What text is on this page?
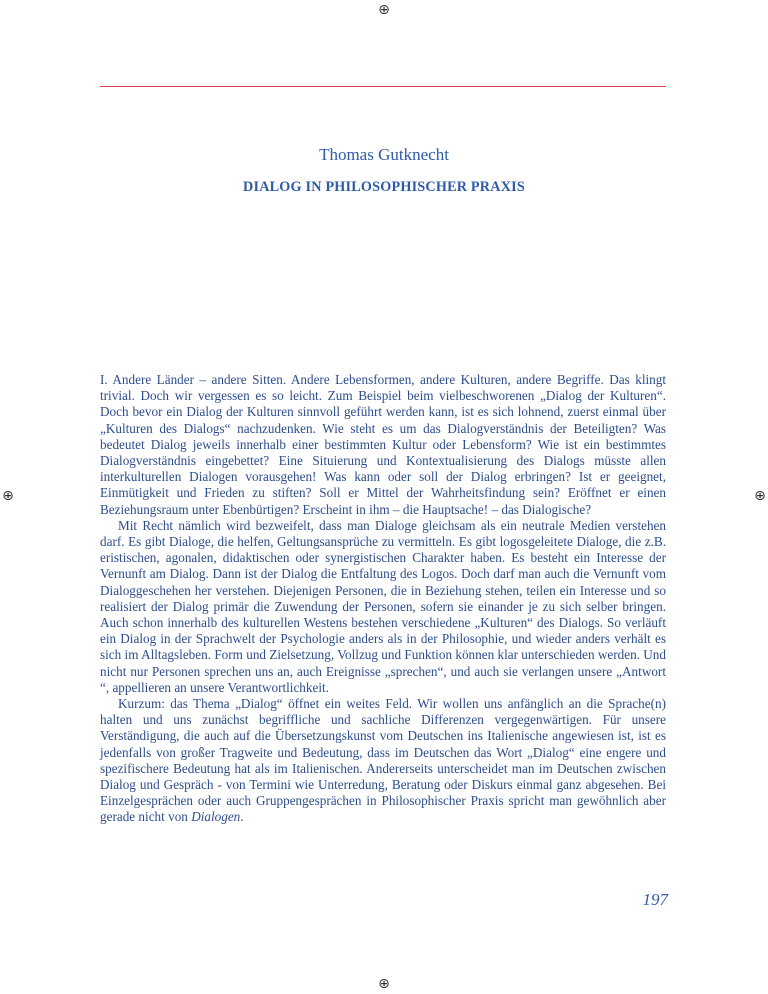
⊕
⊕	⊕
⊕
Thomas Gutknecht
DIALOG IN PHILOSOPHISCHER PRAXIS

I. Andere Länder – andere Sitten. Andere Lebensformen, andere Kulturen, andere Begriffe. Das klingt trivial. Doch wir vergessen es so leicht. Zum Beispiel beim vielbeschworenen „Dialog der Kulturen“. Doch bevor ein Dialog der Kulturen sinnvoll geführt werden kann, ist es sich lohnend, zuerst einmal über „Kulturen des Dialogs“ nachzudenken. Wie steht es um das Dialogverständnis der Beteiligten? Was bedeutet Dialog jeweils innerhalb einer bestimmten Kultur oder Lebensform? Wie ist ein bestimmtes Dialogverständnis eingebettet? Eine Situierung und Kontextualisierung des Dialogs müsste allen interkulturellen Dialogen vorausgehen! Was kann oder soll der Dialog erbringen? Ist er geeignet, Einmütigkeit und Frieden zu stiften? Soll er Mittel der Wahrheitsfindung sein? Eröffnet er einen Beziehungsraum unter Ebenbürtigen? Erscheint in ihm – die Hauptsache! – das Dialogische?

Mit Recht nämlich wird bezweifelt, dass man Dialoge gleichsam als ein neutrale Medien verstehen darf. Es gibt Dialoge, die helfen, Geltungsansprüche zu vermitteln. Es gibt logosgeleitete Dialoge, die z.B. eristischen, agonalen, didaktischen oder synergistischen Charakter haben. Es besteht ein Interesse der Vernunft am Dialog. Dann ist der Dialog die Entfaltung des Logos. Doch darf man auch die Vernunft vom Dialoggeschehen her verstehen. Diejenigen Personen, die in Beziehung stehen, teilen ein Interesse und so realisiert der Dialog primär die Zuwendung der Personen, sofern sie einander je zu sich selber bringen. Auch schon innerhalb des kulturellen Westens bestehen verschiedene „Kulturen“ des Dialogs. So verläuft ein Dialog in der Sprachwelt der Psychologie anders als in der Philosophie, und wieder anders verhält es sich im Alltagsleben. Form und Zielsetzung, Vollzug und Funktion können klar unterschieden werden. Und nicht nur Personen sprechen uns an, auch Ereignisse „sprechen“, und auch sie verlangen unsere „Antwort “, appellieren an unsere Verantwortlichkeit.

Kurzum: das Thema „Dialog“ öffnet ein weites Feld. Wir wollen uns anfänglich an die Sprache(n) halten und uns zunächst begriffliche und sachliche Differenzen vergegenwärtigen. Für unsere Verständigung, die auch auf die Übersetzungskunst vom Deutschen ins Italienische angewiesen ist, ist es jedenfalls von großer Tragweite und Bedeutung, dass im Deutschen das Wort „Dialog“ eine engere und spezifischere Bedeutung hat als im Italienischen. Andererseits unterscheidet man im Deutschen zwischen Dialog und Gespräch - von Termini wie Unterredung, Beratung oder Diskurs einmal ganz abgesehen. Bei Einzelgesprächen oder auch Gruppengesprächen in Philosophischer Praxis spricht man gewöhnlich aber gerade nicht von Dialogen.

197
